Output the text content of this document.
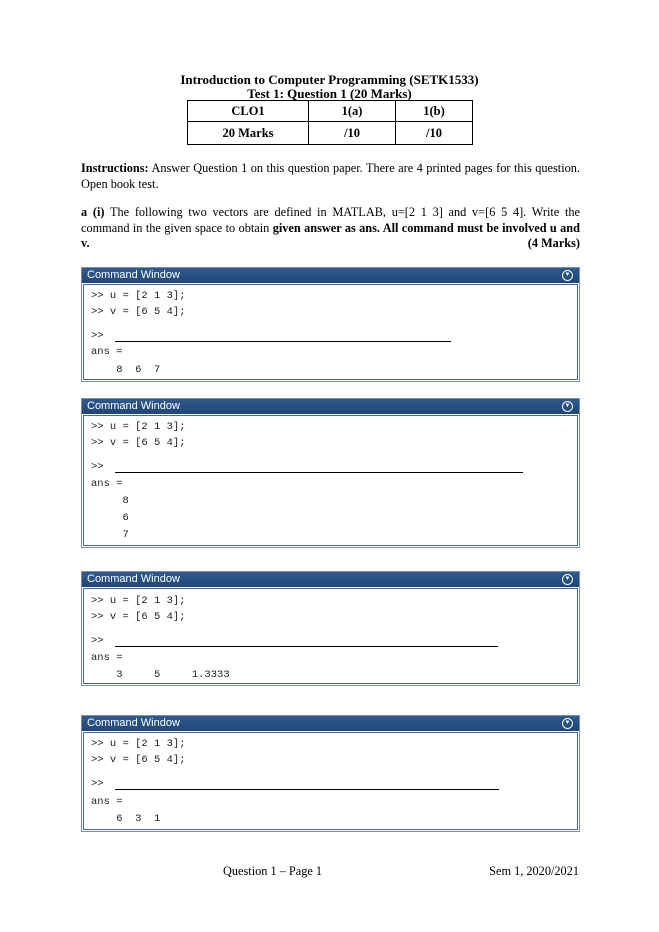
Introduction to Computer Programming (SETK1533)
Test 1: Question 1 (20 Marks)
CLO1	1(a)	1(b)
20 Marks	/10	/10
Instructions: Answer Question 1 on this question paper. There are 4 printed pages for this question. Open book test.
a (i) The following two vectors are defined in MATLAB, u=[2 1 3] and v=[6 5 4]. Write the command in the given space to obtain given answer as ans. All command must be involved u and v.	(4 Marks)
Command Window	▼
>> u = [2 1 3];
>> v = [6 5 4];
>>
ans =
8  6  7
Command Window	▼
>> u = [2 1 3];
>> v = [6 5 4];
>>
ans =
8
6
7
Command Window	▼
>> u = [2 1 3];
>> v = [6 5 4];
>>
ans =
3     5     1.3333
Command Window	▼
>> u = [2 1 3];
>> v = [6 5 4];
>>
ans =
6  3  1
Question 1 – Page 1	Sem 1, 2020/2021
